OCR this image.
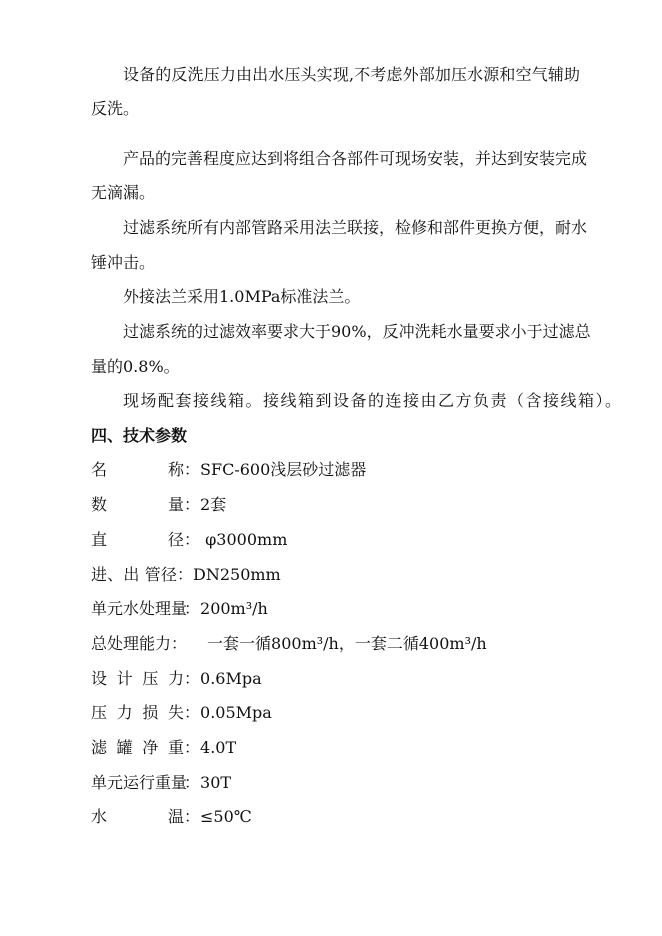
设备的反洗压力由出水压头实现,不考虑外部加压水源和空气辅助
反洗。
产品的完善程度应达到将组合各部件可现场安装，并达到安装完成
无滴漏。
过滤系统所有内部管路采用法兰联接，检修和部件更换方便，耐水
锤冲击。
外接法兰采用1.0MPa标准法兰。
过滤系统的过滤效率要求大于90%，反冲洗耗水量要求小于过滤总
量的0.8%。
现场配套接线箱。接线箱到设备的连接由乙方负责（含接线箱）。
四、技术参数
名称：SFC-600浅层砂过滤器
数量：2套
直径： φ3000mm
进、出 管径：DN250mm
单元水处理量：200m³/h
总处理能力： 一套一循800m³/h，一套二循400m³/h
设计压力：0.6Mpa
压力损失：0.05Mpa
滤罐净重：4.0T
单元运行重量：30T
水温：≤50℃
